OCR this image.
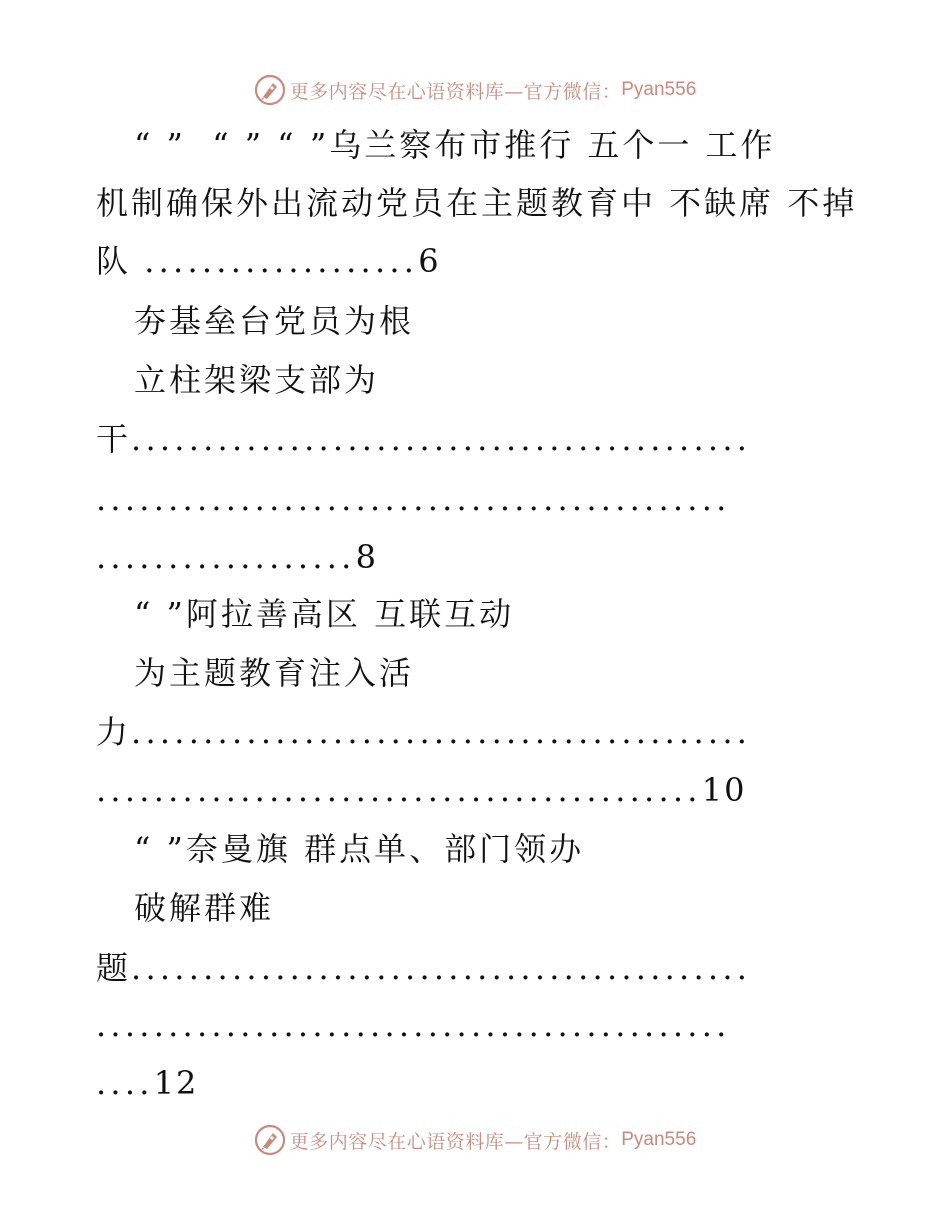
更多内容尽在心语资料库—官方微信： Pyan556
“ ”  “ ” “ ”乌兰察布市推行 五个一 工作
机制确保外出流动党员在主题教育中 不缺席 不掉
队 ...................6
夯基垒台党员为根
立柱架梁支部为
干...........................................
............................................
..................8
“ ”阿拉善高区 互联互动
为主题教育注入活
力...........................................
..........................................10
“ ”奈曼旗 群点单、部门领办
破解群难
题...........................................
............................................
....12
更多内容尽在心语资料库—官方微信： Pyan556
